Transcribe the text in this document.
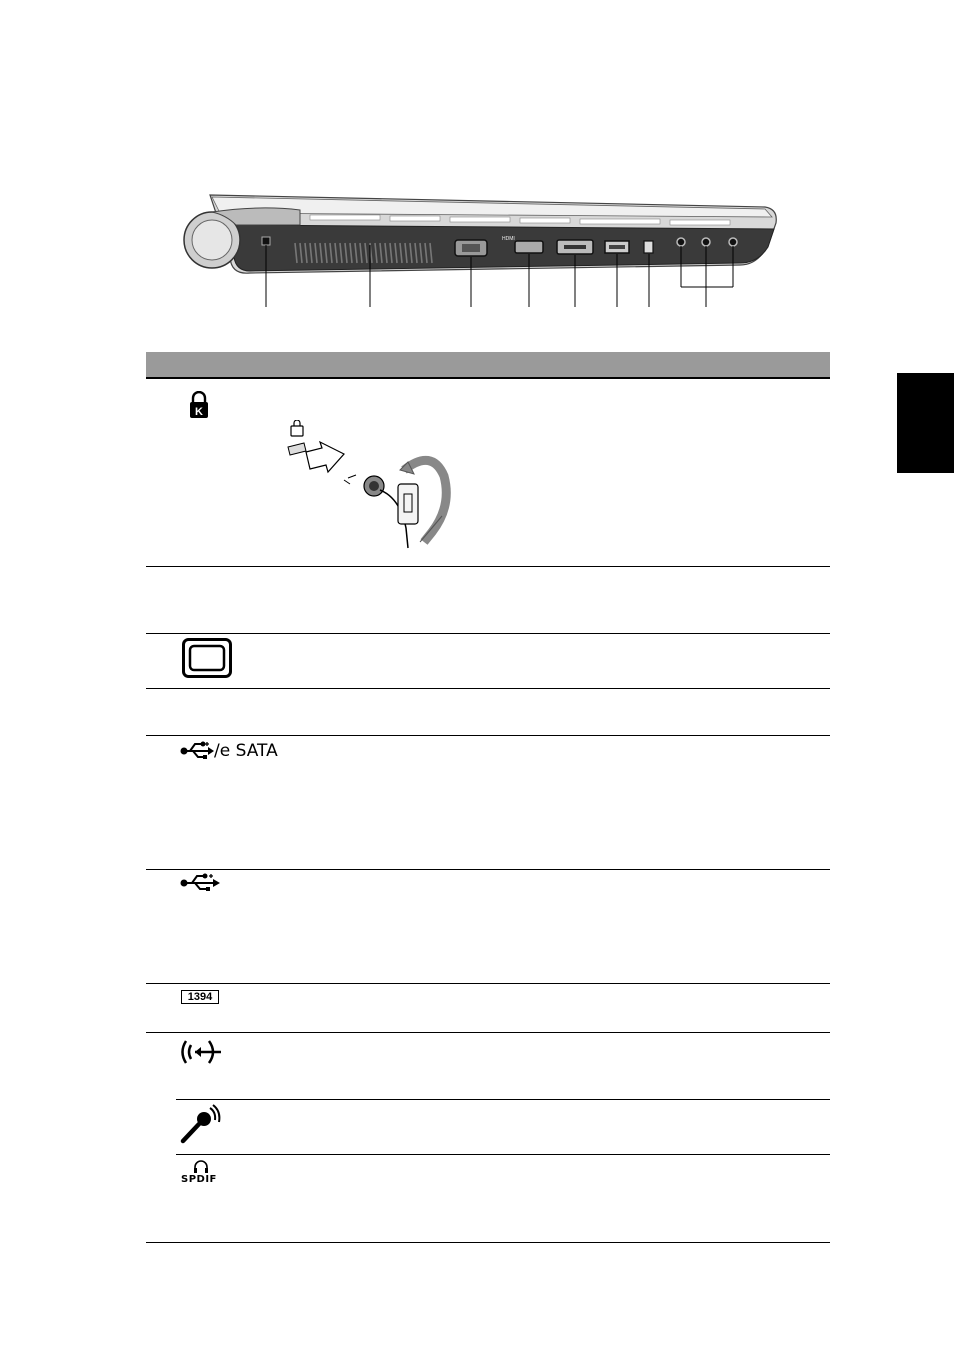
HDMI
K
/e SATA
1394
SPDIF
